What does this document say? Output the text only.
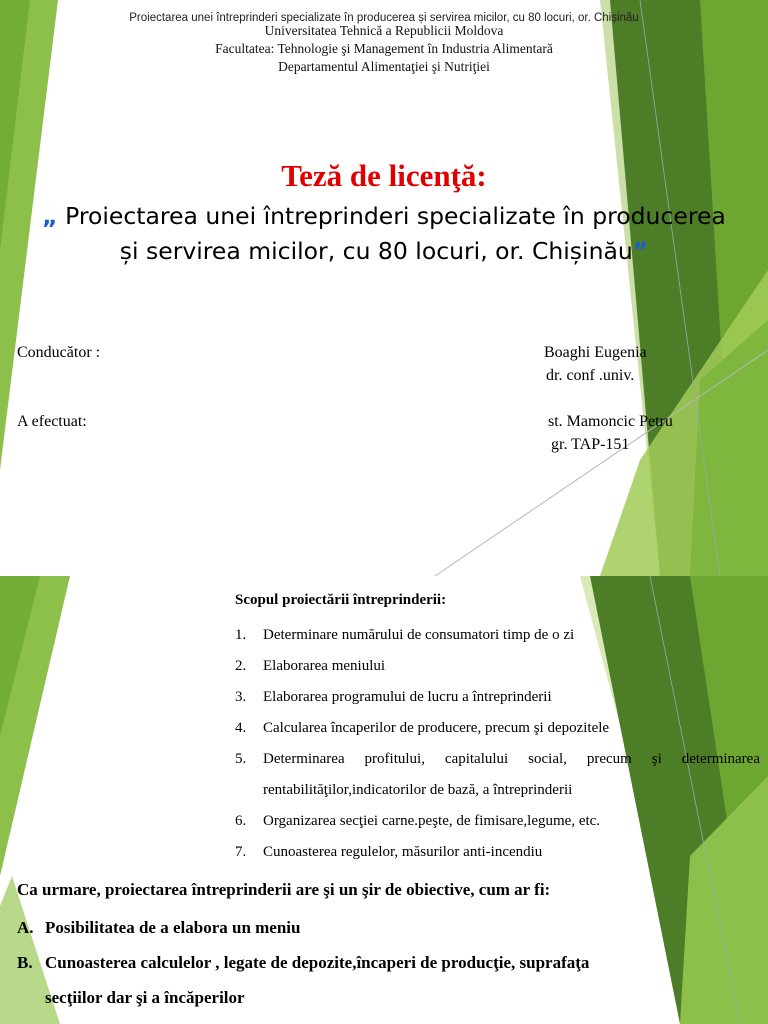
Proiectarea unei întreprinderi specializate în producerea și servirea micilor, cu 80 locuri, or. Chișinău
Universitatea Tehnică a Republicii Moldova
Facultatea: Tehnologie şi Management în Industria Alimentară
Departamentul Alimentaţiei şi Nutriţiei
Teză de licenţă:
„ Proiectarea unei întreprinderi specializate în producerea și servirea micilor, cu 80 locuri, or. Chișinău”
Conducător :	Boaghi Eugenia
dr. conf .univ.
A efectuat:	st. Mamoncic Petru
gr. TAP-151
Scopul proiectării întreprinderii:
1.	Determinare numărului de consumatori timp de o zi
2.	Elaborarea meniului
3.	Elaborarea programului de lucru a întreprinderii
4.	Calcularea încaperilor de producere, precum şi depozitele
5.	Determinarea profitului, capitalului social, precum şi determinarea rentabilităţilor,indicatorilor de bază, a întreprinderii
6.	Organizarea secţiei carne.peşte, de fimisare,legume, etc.
7.	Cunoasterea regulelor, măsurilor anti-incendiu
Ca urmare, proiectarea întreprinderii are şi un şir de obiective, cum ar fi:
A. Posibilitatea de a elabora un meniu
B. Cunoasterea calculelor , legate de depozite,încaperi de producţie, suprafaţa secţiilor dar şi a încăperilor
